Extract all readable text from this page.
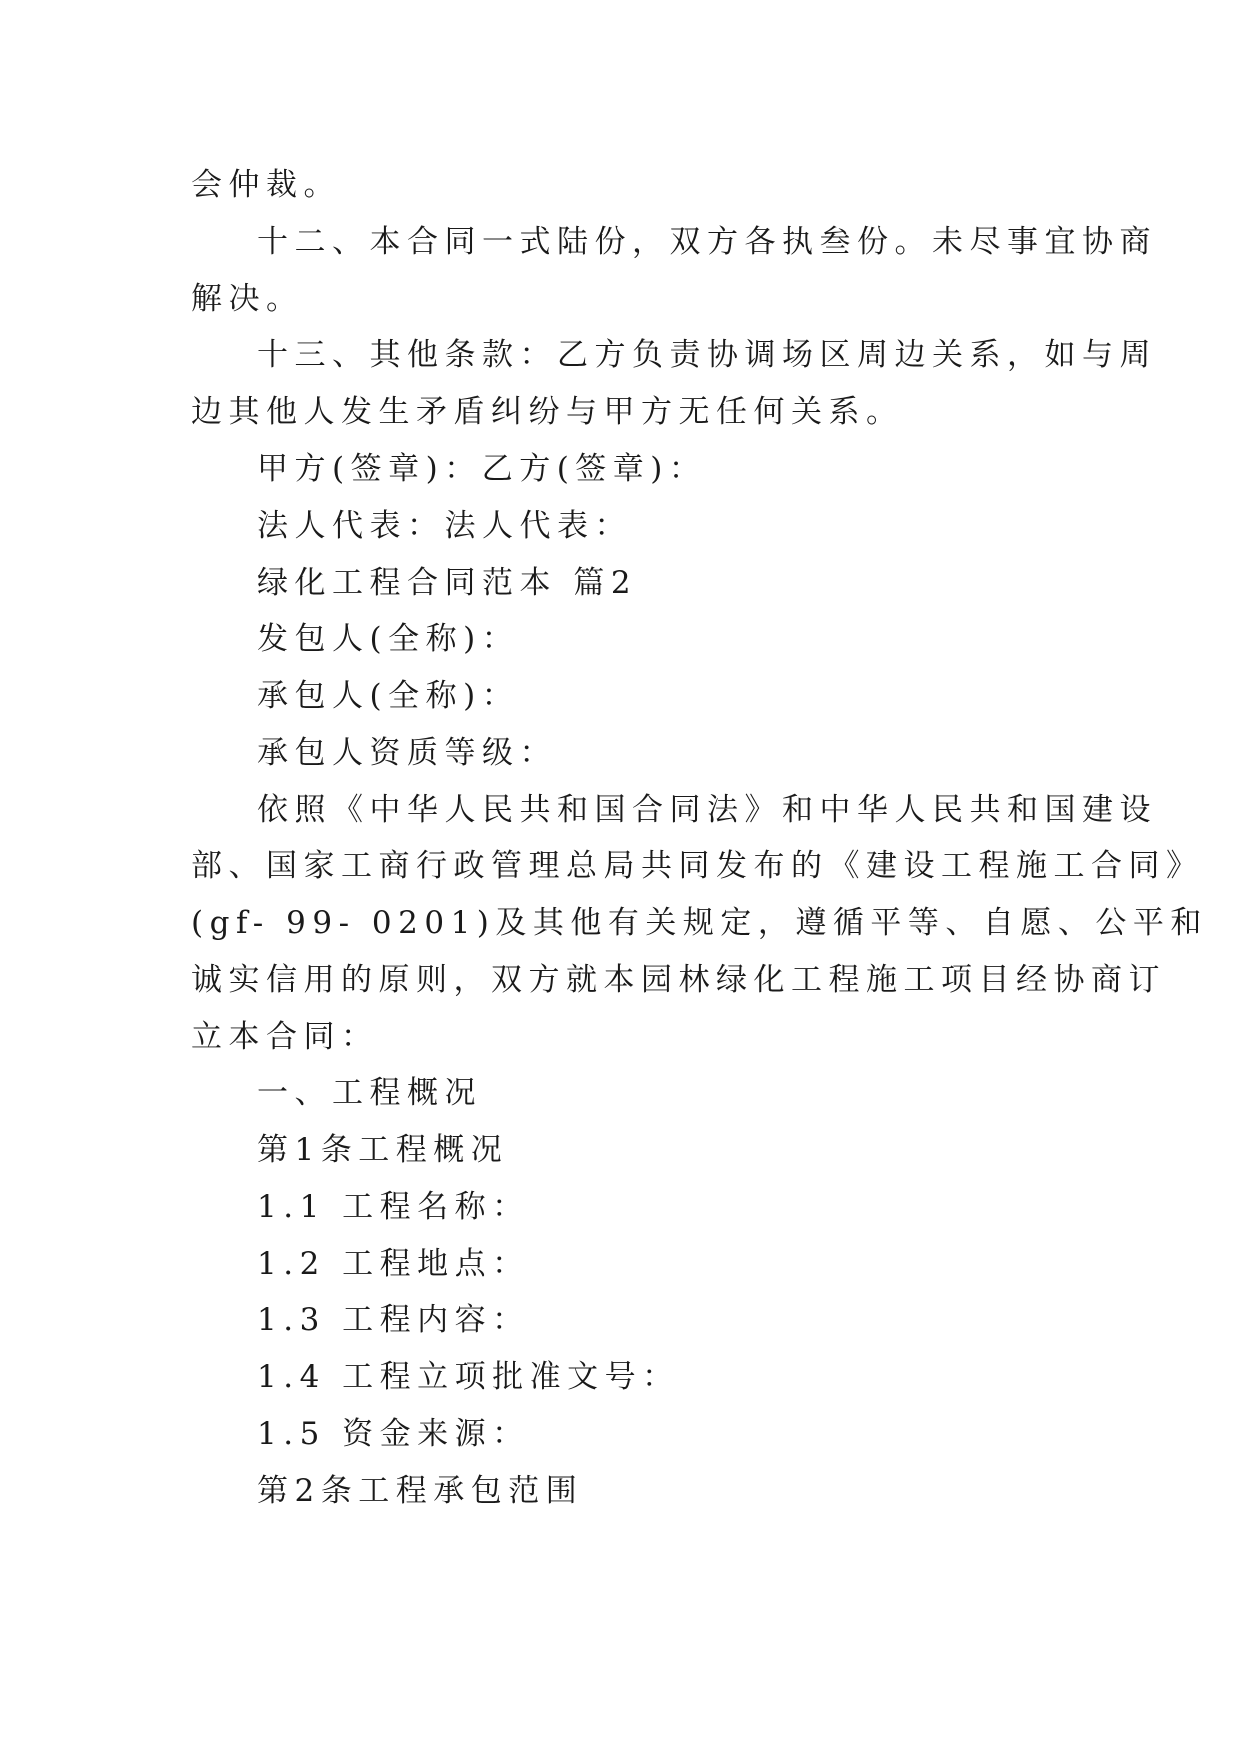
会仲裁。
十二、本合同一式陆份，双方各执叁份。未尽事宜协商
解决。
十三、其他条款：乙方负责协调场区周边关系，如与周
边其他人发生矛盾纠纷与甲方无任何关系。
甲方(签章)：乙方(签章)：
法人代表：法人代表：
绿化工程合同范本 篇2
发包人(全称)：
承包人(全称)：
承包人资质等级：
依照《中华人民共和国合同法》和中华人民共和国建设
部、国家工商行政管理总局共同发布的《建设工程施工合同》
(gf- 99- 0201)及其他有关规定，遵循平等、自愿、公平和
诚实信用的原则，双方就本园林绿化工程施工项目经协商订
立本合同：
一、工程概况
第1条工程概况
1.1 工程名称：
1.2 工程地点：
1.3 工程内容：
1.4 工程立项批准文号：
1.5 资金来源：
第2条工程承包范围
